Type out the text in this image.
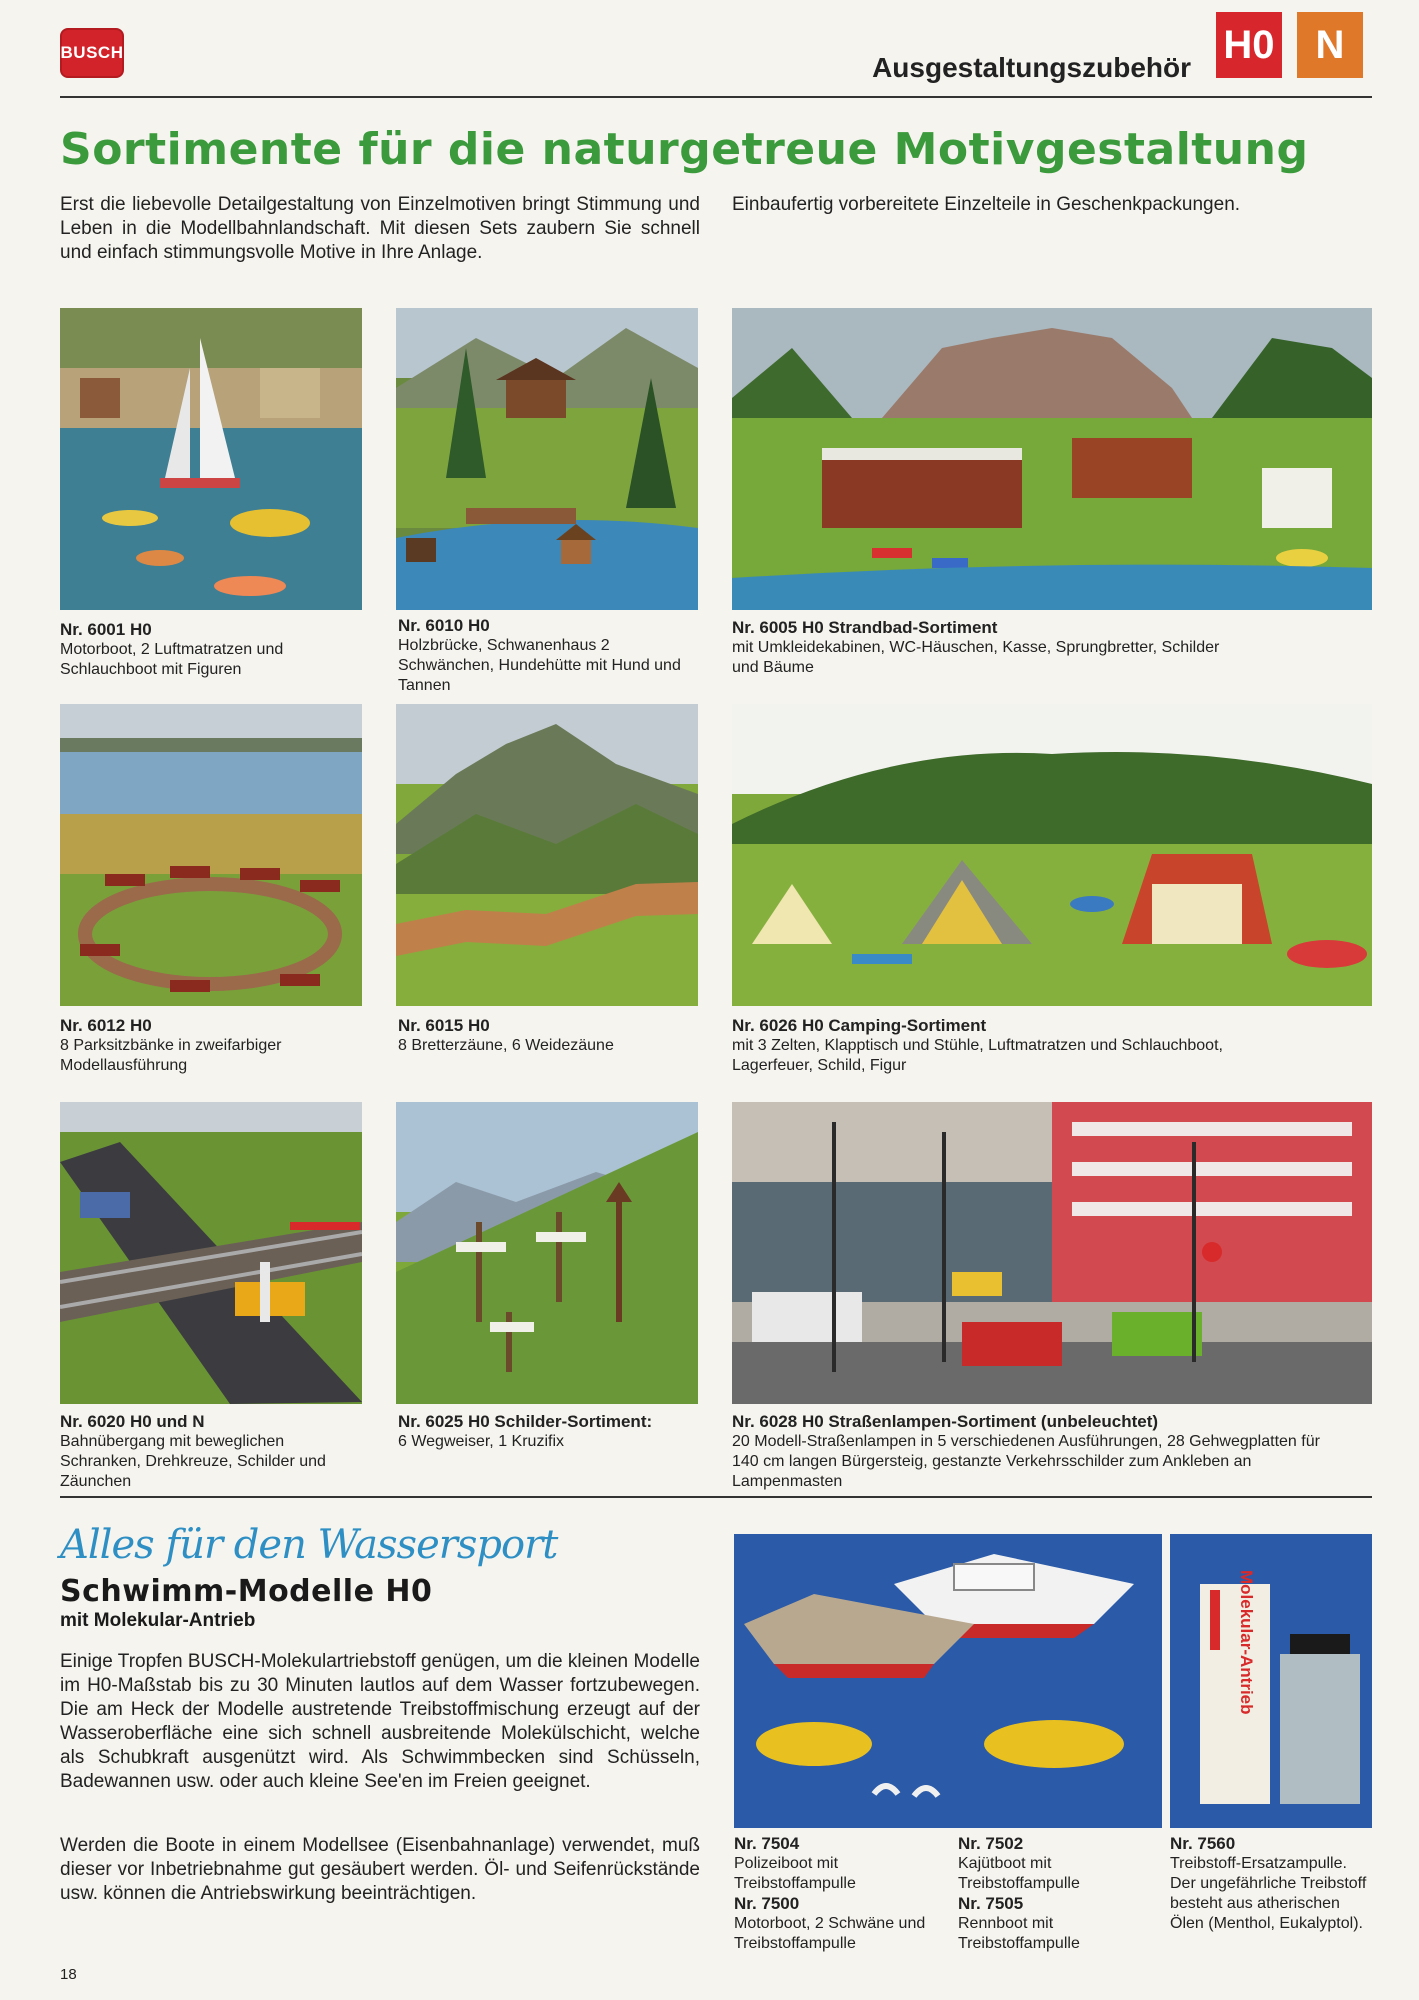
BUSCH	Ausgestaltungszubehör
H0	N
Sortimente für die naturgetreue Motivgestaltung
Erst die liebevolle Detailgestaltung von Einzelmotiven bringt Stimmung und Leben in die Modellbahnlandschaft. Mit diesen Sets zaubern Sie schnell und einfach stimmungsvolle Motive in Ihre Anlage.
Einbaufertig vorbereitete Einzelteile in Geschenkpackungen.
Nr. 6001 H0
Motorboot, 2 Luftmatratzen und Schlauchboot mit Figuren
Nr. 6010 H0
Holzbrücke, Schwanenhaus 2 Schwänchen, Hundehütte mit Hund und Tannen
Nr. 6005 H0 Strandbad-Sortiment
mit Umkleidekabinen, WC-Häuschen, Kasse, Sprungbretter, Schilder und Bäume
Nr. 6012 H0
8 Parksitzbänke in zweifarbiger Modellausführung
Nr. 6015 H0
8 Bretterzäune, 6 Weidezäune
Nr. 6026 H0 Camping-Sortiment
mit 3 Zelten, Klapptisch und Stühle, Luftmatratzen und Schlauchboot, Lagerfeuer, Schild, Figur
Nr. 6020 H0 und N
Bahnübergang mit beweglichen Schranken, Drehkreuze, Schilder und Zäunchen
Nr. 6025 H0 Schilder-Sortiment:
6 Wegweiser, 1 Kruzifix
Nr. 6028 H0 Straßenlampen-Sortiment (unbeleuchtet)
20 Modell-Straßenlampen in 5 verschiedenen Ausführungen, 28 Gehwegplatten für 140 cm langen Bürgersteig, gestanzte Verkehrsschilder zum Ankleben an Lampenmasten
Alles für den Wassersport
Schwimm-Modelle H0
mit Molekular-Antrieb
Einige Tropfen BUSCH-Molekulartriebstoff genügen, um die kleinen Modelle im H0-Maßstab bis zu 30 Minuten lautlos auf dem Wasser fortzubewegen. Die am Heck der Modelle austretende Treibstoffmischung erzeugt auf der Wasseroberfläche eine sich schnell ausbreitende Molekülschicht, welche als Schubkraft ausgenützt wird. Als Schwimmbecken sind Schüsseln, Badewannen usw. oder auch kleine See'en im Freien geeignet.
Werden die Boote in einem Modellsee (Eisenbahnanlage) verwendet, muß dieser vor Inbetriebnahme gut gesäubert werden. Öl- und Seifenrückstände usw. können die Antriebswirkung beeinträchtigen.
Molekular-Antrieb
Nr. 7504
Polizeiboot mit Treibstoffampulle
Nr. 7500
Motorboot, 2 Schwäne und Treibstoffampulle
Nr. 7502
Kajütboot mit Treibstoffampulle
Nr. 7505
Rennboot mit Treibstoffampulle
Nr. 7560
Treibstoff-Ersatzampulle. Der ungefährliche Treibstoff besteht aus atherischen Ölen (Menthol, Eukalyptol).
18
